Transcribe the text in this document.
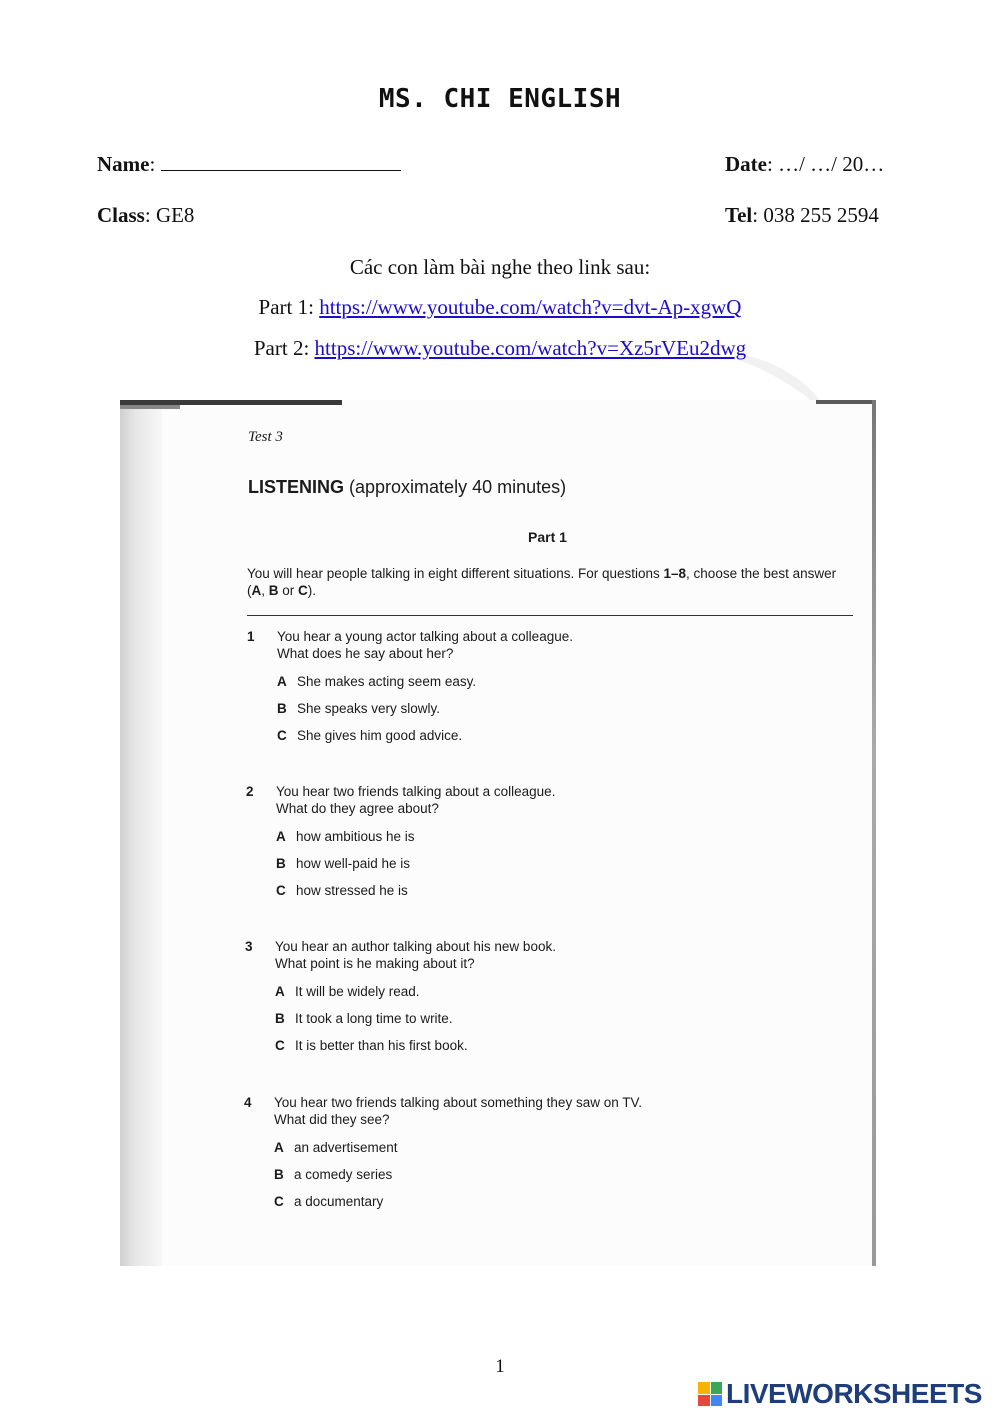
MS. CHI ENGLISH
Name:	Date: …/ …/ 20…
Class: GE8	Tel: 038 255 2594
Các con làm bài nghe theo link sau:
Part 1: https://www.youtube.com/watch?v=dvt-Ap-xgwQ
Part 2: https://www.youtube.com/watch?v=Xz5rVEu2dwg
Test 3
LISTENING (approximately 40 minutes)
Part 1
You will hear people talking in eight different situations. For questions 1–8, choose the best answer
(A, B or C).
1 You hear a young actor talking about a colleague.
What does he say about her?
A She makes acting seem easy.
B She speaks very slowly.
C She gives him good advice.
2 You hear two friends talking about a colleague.
What do they agree about?
A how ambitious he is
B how well-paid he is
C how stressed he is
3 You hear an author talking about his new book.
What point is he making about it?
A It will be widely read.
B It took a long time to write.
C It is better than his first book.
4 You hear two friends talking about something they saw on TV.
What did they see?
A an advertisement
B a comedy series
C a documentary
1
LIVEWORKSHEETS
